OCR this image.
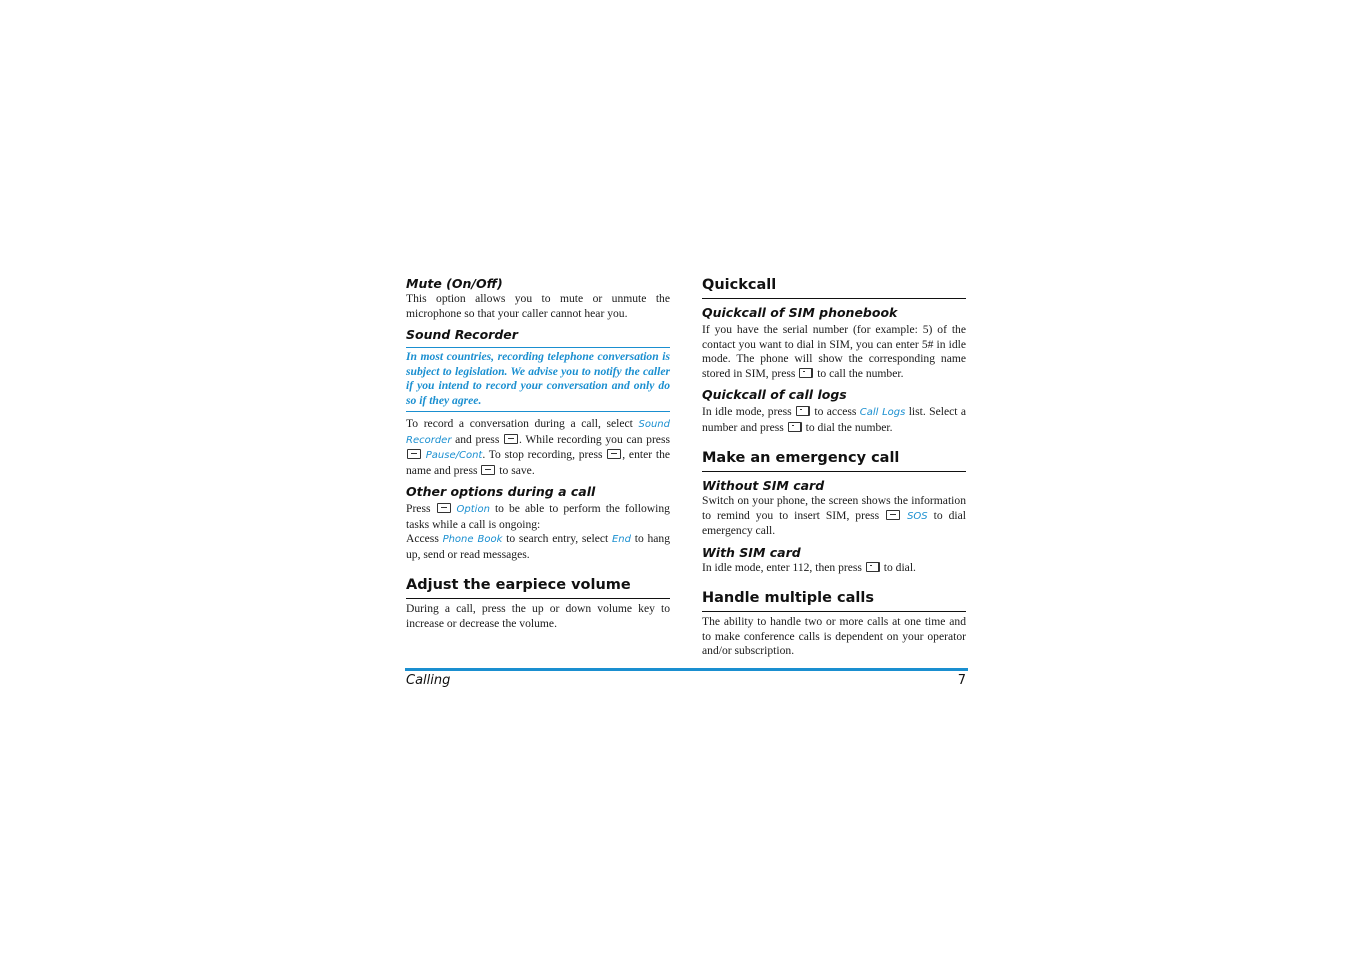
Mute (On/Off)

This option allows you to mute or unmute the microphone so that your caller cannot hear you.

Sound Recorder

In most countries, recording telephone conversation is subject to legislation. We advise you to notify the caller if you intend to record your conversation and only do so if they agree.

To record a conversation during a call, select Sound Recorder and press . While recording you can press  Pause/Cont. To stop recording, press , enter the name and press to save.

Other options during a call

Press	Option to be able to perform the following tasks while a call is ongoing:

Access Phone Book to search entry, select End to hang up, send or read messages.

Adjust the earpiece volume

During a call, press the up or down volume key to increase or decrease the volume.

Quickcall
Quickcall of SIM phonebook

If you have the serial number (for example: 5) of the contact you want to dial in SIM, you can enter 5# in idle mode. The phone will show the corresponding name stored in SIM, press to call the number.

Quickcall of call logs

In idle mode, press to access Call Logs list. Select a number and press to dial the number.

Make an emergency call
Without SIM card

Switch on your phone, the screen shows the information to remind you to insert SIM, press	SOS to dial emergency call.

With SIM card

In idle mode, enter 112, then press to dial.

Handle multiple calls

The ability to handle two or more calls at one time and to make conference calls is dependent on your operator and/or subscription.

Calling	7
